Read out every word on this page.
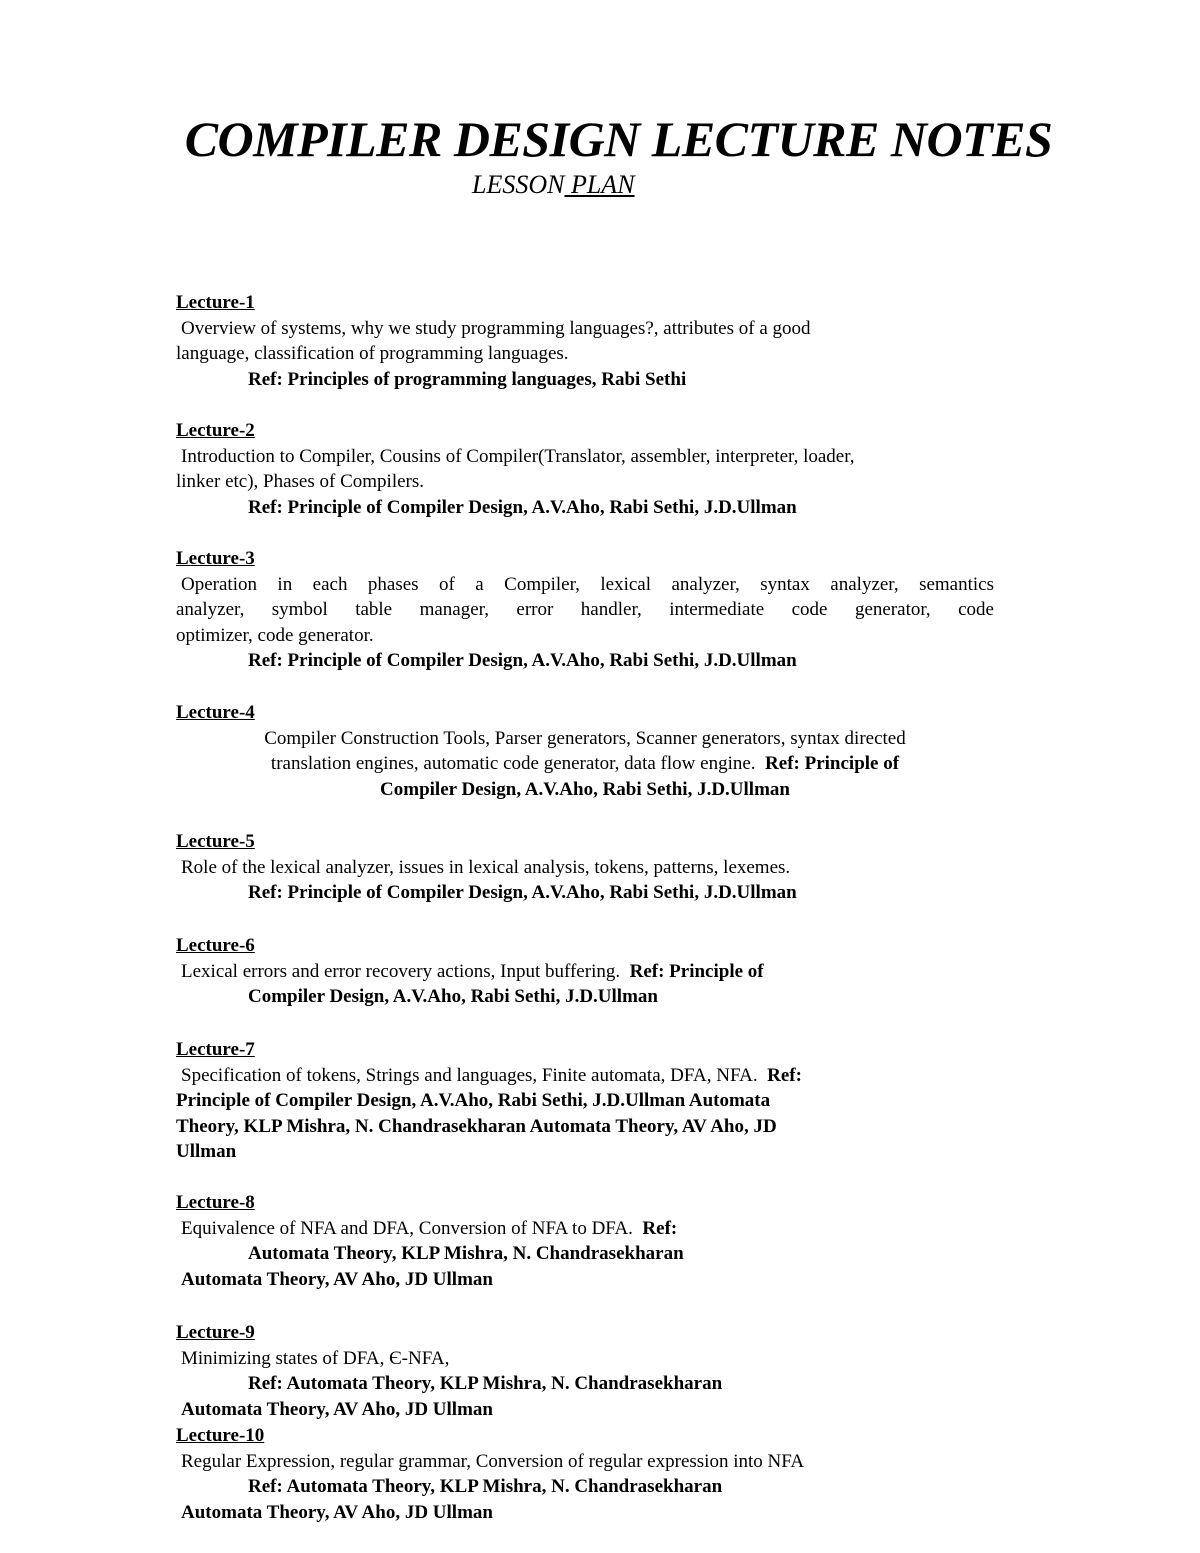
COMPILER DESIGN LECTURE NOTES
LESSON PLAN
Lecture-1
Overview of systems, why we study programming languages?, attributes of a good
language, classification of programming languages.
Ref: Principles of programming languages, Rabi Sethi
Lecture-2
Introduction to Compiler, Cousins of Compiler(Translator, assembler, interpreter, loader,
linker etc), Phases of Compilers.
Ref: Principle of Compiler Design, A.V.Aho, Rabi Sethi, J.D.Ullman
Lecture-3
Operation in each phases of a Compiler, lexical analyzer, syntax analyzer, semantics
analyzer, symbol table manager, error handler, intermediate code generator, code
optimizer, code generator.
Ref: Principle of Compiler Design, A.V.Aho, Rabi Sethi, J.D.Ullman
Lecture-4
Compiler Construction Tools, Parser generators, Scanner generators, syntax directed
translation engines, automatic code generator, data flow engine. Ref: Principle of
Compiler Design, A.V.Aho, Rabi Sethi, J.D.Ullman
Lecture-5
Role of the lexical analyzer, issues in lexical analysis, tokens, patterns, lexemes.
Ref: Principle of Compiler Design, A.V.Aho, Rabi Sethi, J.D.Ullman
Lecture-6
Lexical errors and error recovery actions, Input buffering. Ref: Principle of
Compiler Design, A.V.Aho, Rabi Sethi, J.D.Ullman
Lecture-7
Specification of tokens, Strings and languages, Finite automata, DFA, NFA. Ref:
Principle of Compiler Design, A.V.Aho, Rabi Sethi, J.D.Ullman Automata
Theory, KLP Mishra, N. Chandrasekharan Automata Theory, AV Aho, JD
Ullman
Lecture-8
Equivalence of NFA and DFA, Conversion of NFA to DFA. Ref:
Automata Theory, KLP Mishra, N. Chandrasekharan
Automata Theory, AV Aho, JD Ullman
Lecture-9
Minimizing states of DFA, Є-NFA,
Ref: Automata Theory, KLP Mishra, N. Chandrasekharan
Automata Theory, AV Aho, JD Ullman
Lecture-10
Regular Expression, regular grammar, Conversion of regular expression into NFA
Ref: Automata Theory, KLP Mishra, N. Chandrasekharan
Automata Theory, AV Aho, JD Ullman
